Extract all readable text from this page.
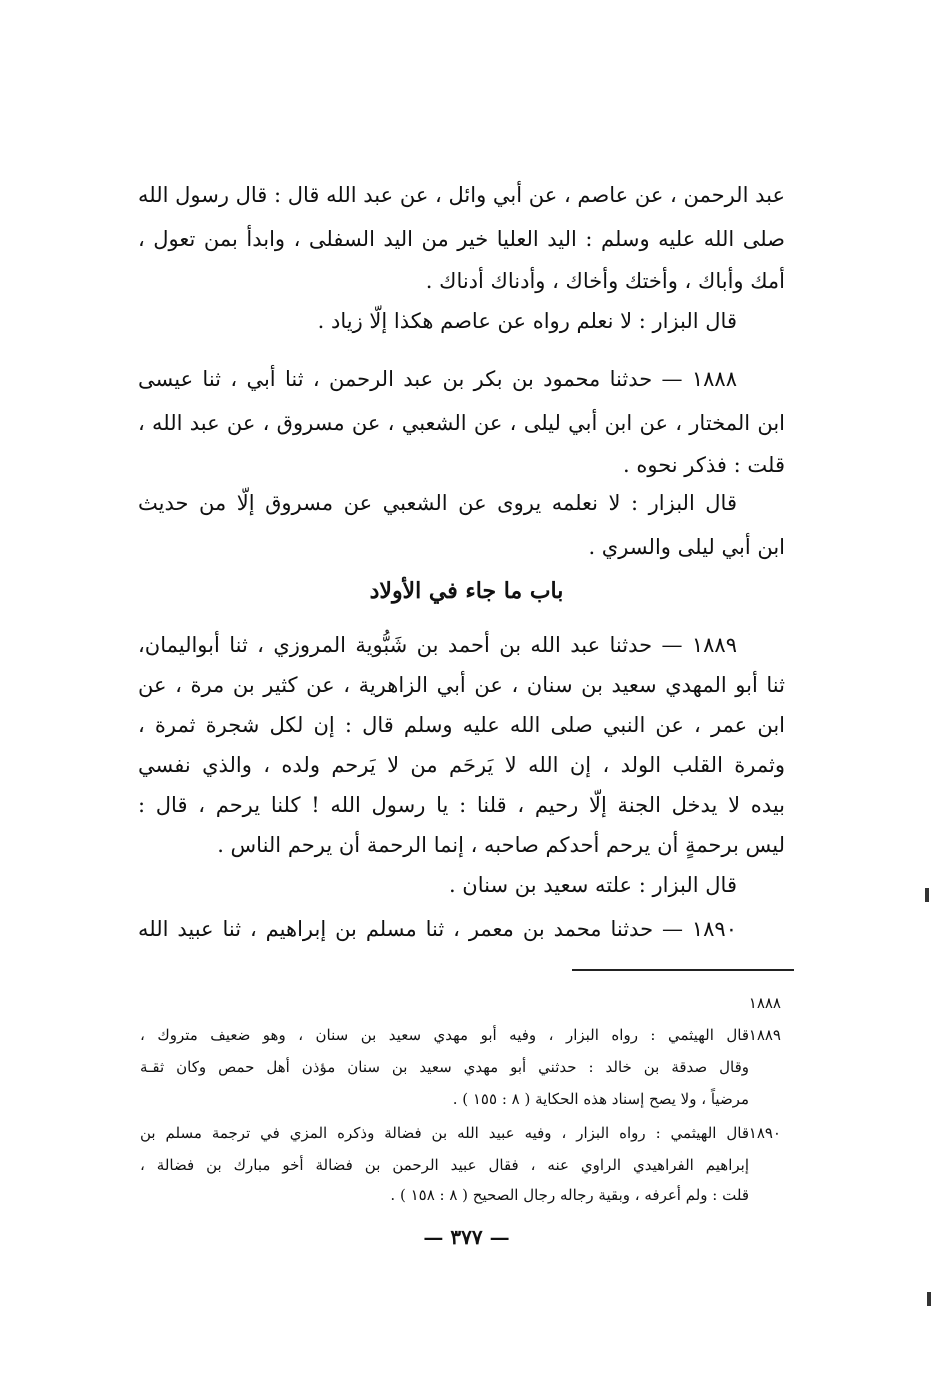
عبد الرحمن ، عن عاصم ، عن أبي وائل ، عن عبد الله قال : قال رسول الله
صلى الله عليه وسلم : اليد العليا خير من اليد السفلى ، وابدأ بمن تعول ،
أمك وأباك ، وأختك وأخاك ، وأدناك أدناك .
قال البزار : لا نعلم رواه عن عاصم هكذا إلّا زياد .
١٨٨٨ — حدثنا محمود بن بكر بن عبد الرحمن ، ثنا أبي ، ثنا عيسى
ابن المختار ، عن ابن أبي ليلى ، عن الشعبي ، عن مسروق ، عن عبد الله ،
قلت : فذكر نحوه .
قال البزار : لا نعلمه يروى عن الشعبي عن مسروق إلّا من حديث
ابن أبي ليلى والسري .
باب ما جاء في الأولاد
١٨٨٩ — حدثنا عبد الله بن أحمد بن شَبُّوية المروزي ، ثنا أبواليمان،
ثنا أبو المهدي سعيد بن سنان ، عن أبي الزاهرية ، عن كثير بن مرة ، عن
ابن عمر ، عن النبي صلى الله عليه وسلم قال : إن لكل شجرة ثمرة ،
وثمرة القلب الولد ، إن الله لا يَرحَم من لا يَرحم ولده ، والذي نفسي
بيده لا يدخل الجنة إلّا رحيم ، قلنا : يا رسول الله ! كلنا يرحم ، قال :
ليس برحمةٍ أن يرحم أحدكم صاحبه ، إنما الرحمة أن يرحم الناس .
قال البزار : علته سعيد بن سنان .
١٨٩٠ — حدثنا محمد بن معمر ، ثنا مسلم بن إبراهيم ، ثنا عبيد الله
١٨٨٨
١٨٨٩
قال الهيثمي : رواه البزار ، وفيه أبو مهدي سعيد بن سنان ، وهو ضعيف متروك ،
وقال صدقة بن خالد : حدثني أبو مهدي سعيد بن سنان مؤذن أهل حمص وكان ثقـة
مرضياً ، ولا يصح إسناد هذه الحكاية ( ٨ : ١٥٥ ) .
١٨٩٠
قال الهيثمي : رواه البزار ، وفيه عبيد الله بن فضالة وذكره المزي في ترجمة مسلم بن
إبراهيم الفراهيدي الراوي عنه ، فقال عبيد الرحمن بن فضالة أخو مبارك بن فضالة ،
قلت : ولم أعرفه ، وبقية رجاله رجال الصحيح ( ٨ : ١٥٨ ) .
— ٣٧٧ —
